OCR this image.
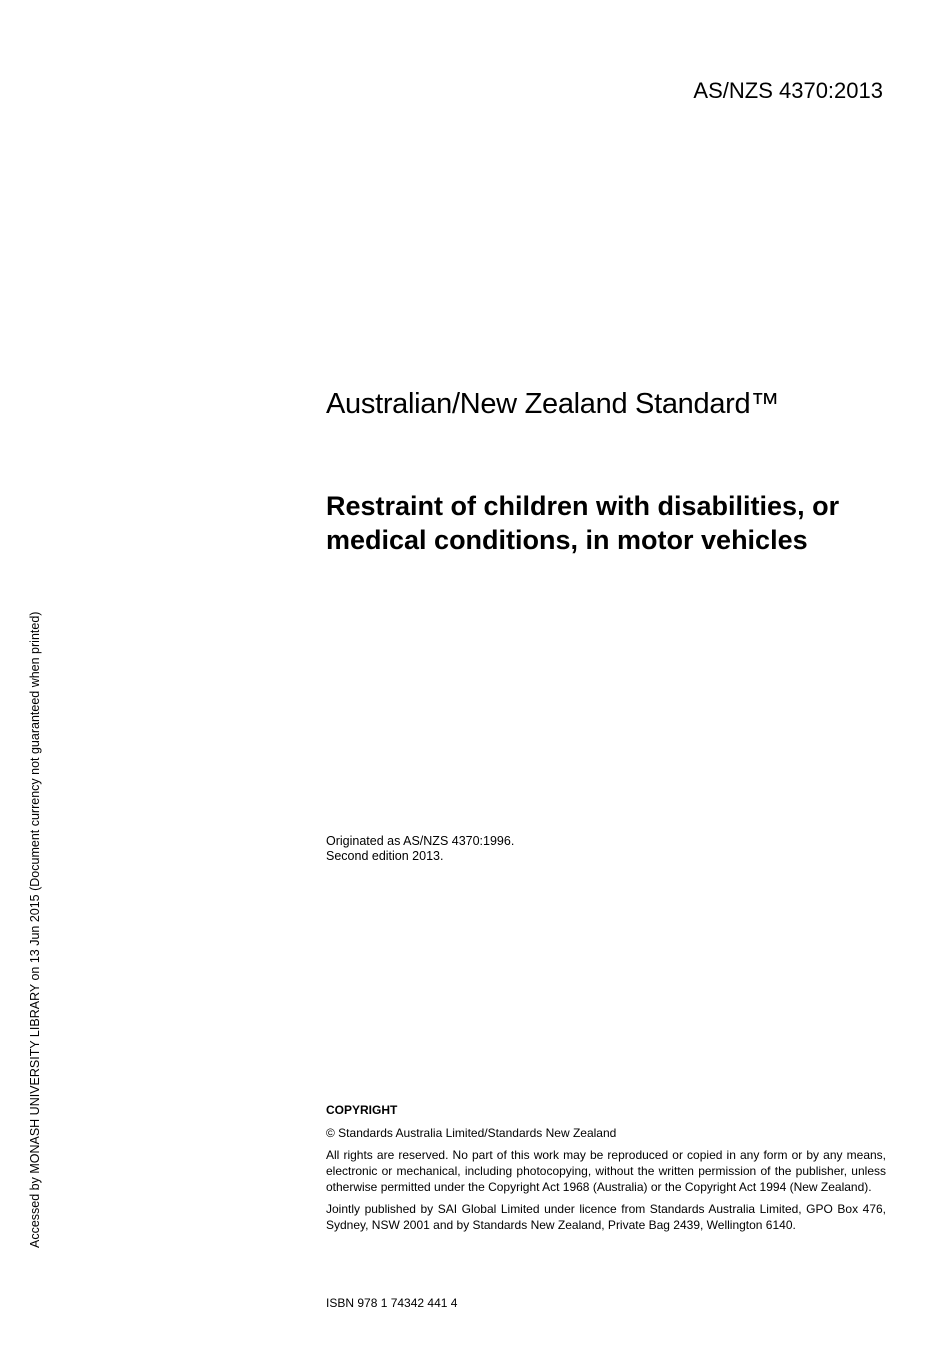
AS/NZS 4370:2013
Australian/New Zealand Standard™
Restraint of children with disabilities, or medical conditions, in motor vehicles
Originated as AS/NZS 4370:1996.
Second edition 2013.
COPYRIGHT

© Standards Australia Limited/Standards New Zealand

All rights are reserved. No part of this work may be reproduced or copied in any form or by any means, electronic or mechanical, including photocopying, without the written permission of the publisher, unless otherwise permitted under the Copyright Act 1968 (Australia) or the Copyright Act 1994 (New Zealand).

Jointly published by SAI Global Limited under licence from Standards Australia Limited, GPO Box 476, Sydney, NSW 2001 and by Standards New Zealand, Private Bag 2439, Wellington 6140.

ISBN 978 1 74342 441 4
Accessed by MONASH UNIVERSITY LIBRARY on 13 Jun 2015 (Document currency not guaranteed when printed)
